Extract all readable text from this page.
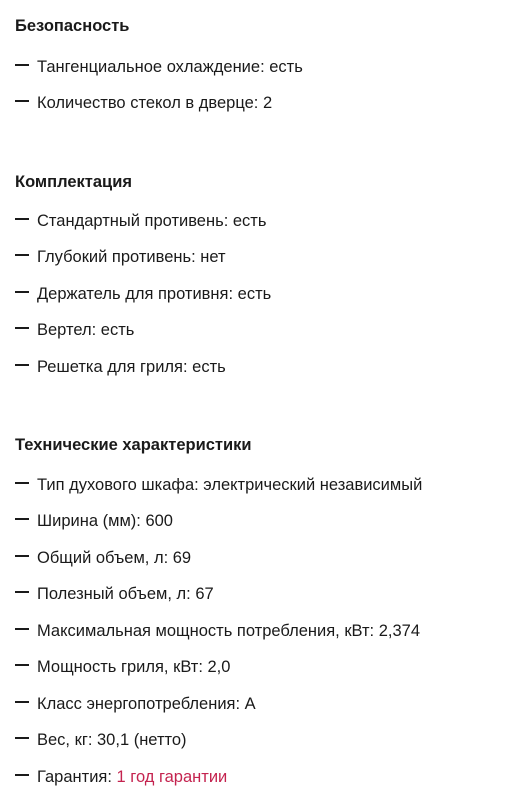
Безопасность
Тангенциальное охлаждение: есть
Количество стекол в дверце: 2
Комплектация
Стандартный противень: есть
Глубокий противень: нет
Держатель для противня: есть
Вертел: есть
Решетка для гриля: есть
Технические характеристики
Тип духового шкафа: электрический независимый
Ширина (мм): 600
Общий объем, л: 69
Полезный объем, л: 67
Максимальная мощность потребления, кВт: 2,374
Мощность гриля, кВт: 2,0
Класс энергопотребления: A
Вес, кг: 30,1 (нетто)
Гарантия: 1 год гарантии
